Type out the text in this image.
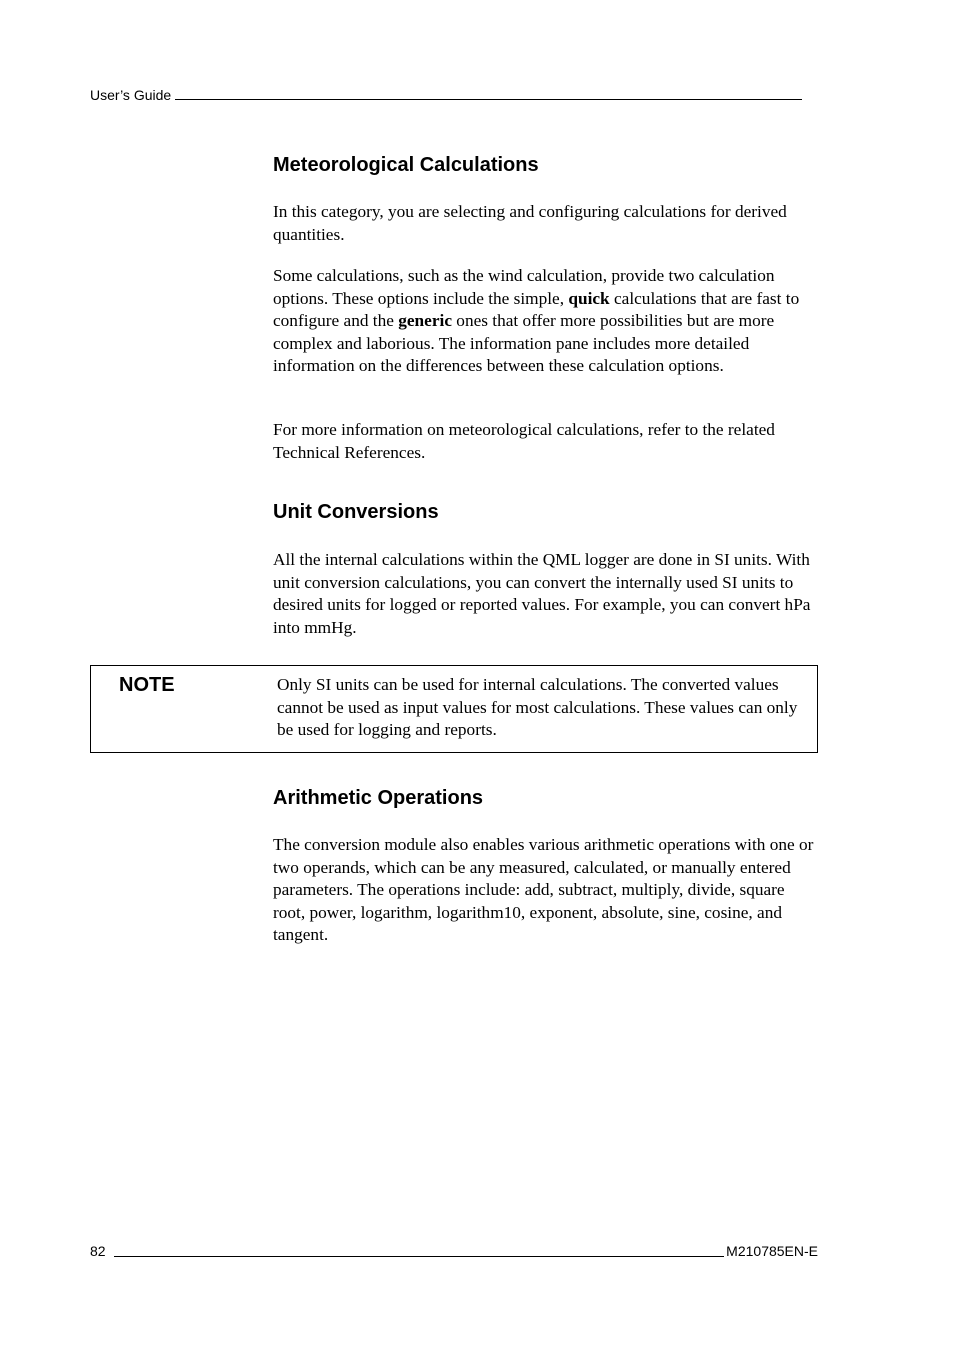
User’s Guide
Meteorological Calculations

In this category, you are selecting and configuring calculations for derived quantities.

Some calculations, such as the wind calculation, provide two calculation options. These options include the simple, quick calculations that are fast to configure and the generic ones that offer more possibilities but are more complex and laborious. The information pane includes more detailed information on the differences between these calculation options.

For more information on meteorological calculations, refer to the related Technical References.

Unit Conversions

All the internal calculations within the QML logger are done in SI units. With unit conversion calculations, you can convert the internally used SI units to desired units for logged or reported values. For example, you can convert hPa into mmHg.

NOTE	Only SI units can be used for internal calculations. The converted values cannot be used as input values for most calculations. These values can only be used for logging and reports.
Arithmetic Operations

The conversion module also enables various arithmetic operations with one or two operands, which can be any measured, calculated, or manually entered parameters. The operations include: add, subtract, multiply, divide, square root, power, logarithm, logarithm10, exponent, absolute, sine, cosine, and tangent.

82	M210785EN-E
